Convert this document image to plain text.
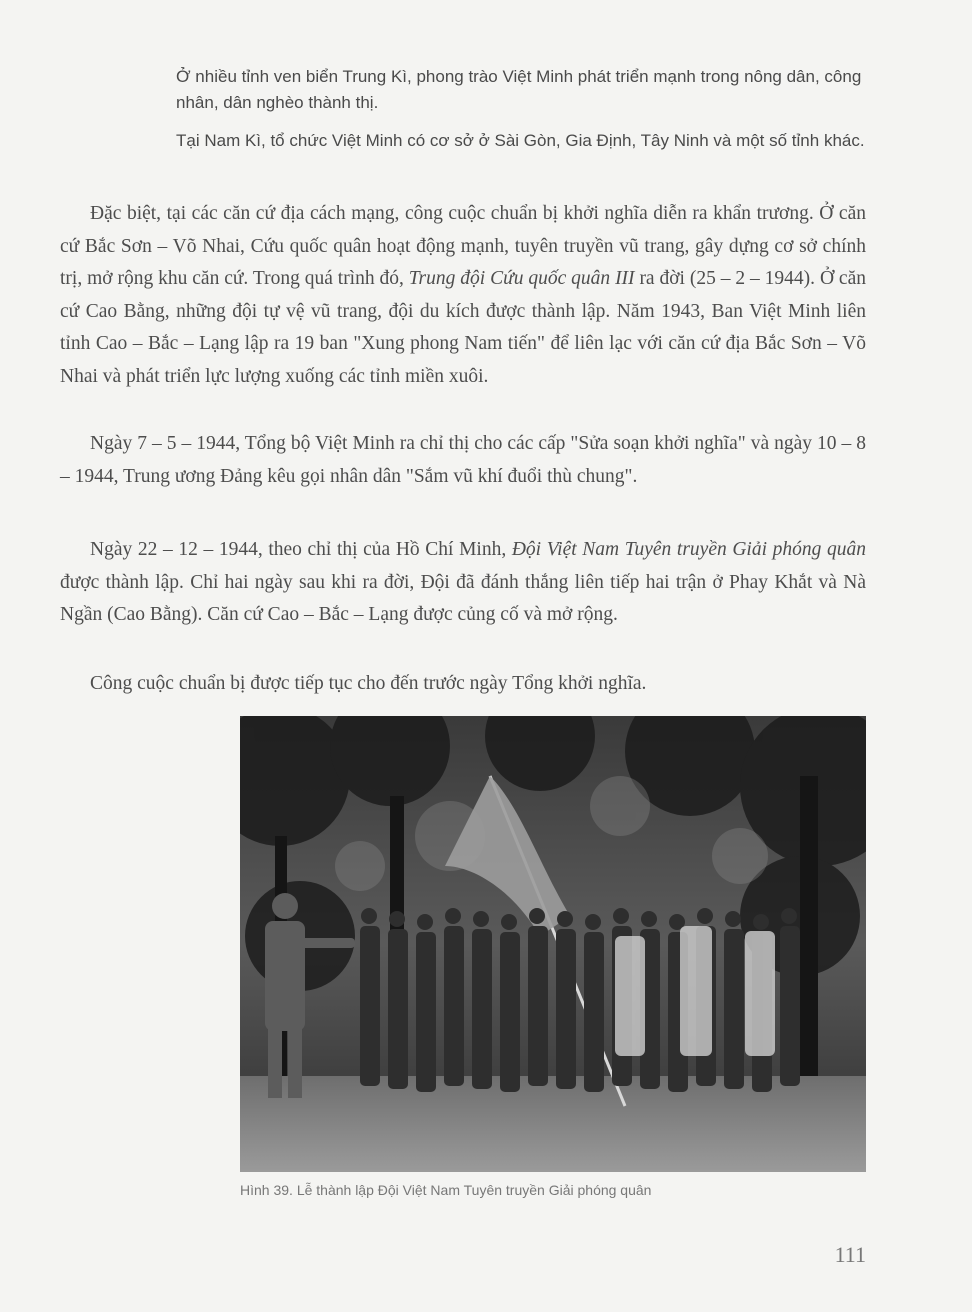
Ở nhiều tỉnh ven biển Trung Kì, phong trào Việt Minh phát triển mạnh trong nông dân, công nhân, dân nghèo thành thị.

Tại Nam Kì, tổ chức Việt Minh có cơ sở ở Sài Gòn, Gia Định, Tây Ninh và một số tỉnh khác.

Đặc biệt, tại các căn cứ địa cách mạng, công cuộc chuẩn bị khởi nghĩa diễn ra khẩn trương. Ở căn cứ Bắc Sơn – Võ Nhai, Cứu quốc quân hoạt động mạnh, tuyên truyền vũ trang, gây dựng cơ sở chính trị, mở rộng khu căn cứ. Trong quá trình đó, Trung đội Cứu quốc quân III ra đời (25 – 2 – 1944). Ở căn cứ Cao Bằng, những đội tự vệ vũ trang, đội du kích được thành lập. Năm 1943, Ban Việt Minh liên tỉnh Cao – Bắc – Lạng lập ra 19 ban "Xung phong Nam tiến" để liên lạc với căn cứ địa Bắc Sơn – Võ Nhai và phát triển lực lượng xuống các tỉnh miền xuôi.

Ngày 7 – 5 – 1944, Tổng bộ Việt Minh ra chỉ thị cho các cấp "Sửa soạn khởi nghĩa" và ngày 10 – 8 – 1944, Trung ương Đảng kêu gọi nhân dân "Sắm vũ khí đuổi thù chung".

Ngày 22 – 12 – 1944, theo chỉ thị của Hồ Chí Minh, Đội Việt Nam Tuyên truyền Giải phóng quân được thành lập. Chỉ hai ngày sau khi ra đời, Đội đã đánh thắng liên tiếp hai trận ở Phay Khắt và Nà Ngần (Cao Bằng). Căn cứ Cao – Bắc – Lạng được củng cố và mở rộng.

Công cuộc chuẩn bị được tiếp tục cho đến trước ngày Tổng khởi nghĩa.

Hình 39. Lễ thành lập Đội Việt Nam Tuyên truyền Giải phóng quân

111
